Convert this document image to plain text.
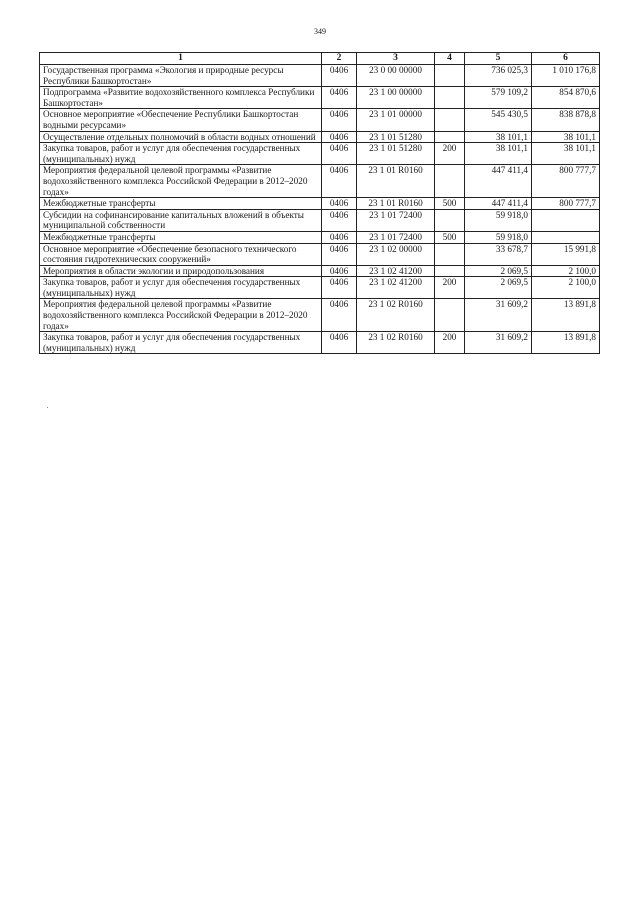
349
1	2	3	4	5	6
Государственная программа «Экология и природные ресурсы Республики Башкортостан»	0406	23 0 00 00000		736 025,3	1 010 176,8
Подпрограмма «Развитие водохозяйственного комплекса Республики Башкортостан»	0406	23 1 00 00000		579 109,2	854 870,6
Основное мероприятие «Обеспечение Республики Башкортостан водными ресурсами»	0406	23 1 01 00000		545 430,5	838 878,8
Осуществление отдельных полномочий в области водных отношений	0406	23 1 01 51280		38 101,1	38 101,1
Закупка товаров, работ и услуг для обеспечения государственных (муниципальных) нужд	0406	23 1 01 51280	200	38 101,1	38 101,1
Мероприятия федеральной целевой программы «Развитие водохозяйственного комплекса Российской Федерации в 2012–2020 годах»	0406	23 1 01 R0160		447 411,4	800 777,7
Межбюджетные трансферты	0406	23 1 01 R0160	500	447 411,4	800 777,7
Субсидии на софинансирование капитальных вложений в объекты муниципальной собственности	0406	23 1 01 72400		59 918,0	
Межбюджетные трансферты	0406	23 1 01 72400	500	59 918,0	
Основное мероприятие «Обеспечение безопасного технического состояния гидротехнических сооружений»	0406	23 1 02 00000		33 678,7	15 991,8
Мероприятия в области экологии и природопользования	0406	23 1 02 41200		2 069,5	2 100,0
Закупка товаров, работ и услуг для обеспечения государственных (муниципальных) нужд	0406	23 1 02 41200	200	2 069,5	2 100,0
Мероприятия федеральной целевой программы «Развитие водохозяйственного комплекса Российской Федерации в 2012–2020 годах»	0406	23 1 02 R0160		31 609,2	13 891,8
Закупка товаров, работ и услуг для обеспечения государственных (муниципальных) нужд	0406	23 1 02 R0160	200	31 609,2	13 891,8
